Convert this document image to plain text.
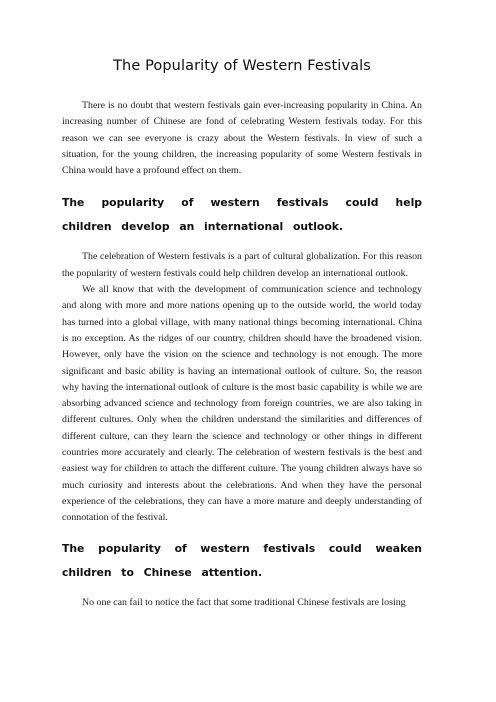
The Popularity of Western Festivals

There is no doubt that western festivals gain ever-increasing popularity in China. An increasing number of Chinese are fond of celebrating Western festivals today. For this reason we can see everyone is crazy about the Western festivals. In view of such a situation, for the young children, the increasing popularity of some Western festivals in China would have a profound effect on them.

The popularity of western festivals could help children develop an international outlook.

The celebration of Western festivals is a part of cultural globalization. For this reason the popularity of western festivals could help children develop an international outlook.

We all know that with the development of communication science and technology and along with more and more nations opening up to the outside world, the world today has turned into a global village, with many national things becoming international. China is no exception. As the ridges of our country, children should have the broadened vision. However, only have the vision on the science and technology is not enough. The more significant and basic ability is having an international outlook of culture. So, the reason why having the international outlook of culture is the most basic capability is while we are absorbing advanced science and technology from foreign countries, we are also taking in different cultures. Only when the children understand the similarities and differences of different culture, can they learn the science and technology or other things in different countries more accurately and clearly. The celebration of western festivals is the best and easiest way for children to attach the different culture. The young children always have so much curiosity and interests about the celebrations. And when they have the personal experience of the celebrations, they can have a more mature and deeply understanding of connotation of the festival.

The popularity of western festivals could weaken children to Chinese attention.

No one can fail to notice the fact that some traditional Chinese festivals are losing
